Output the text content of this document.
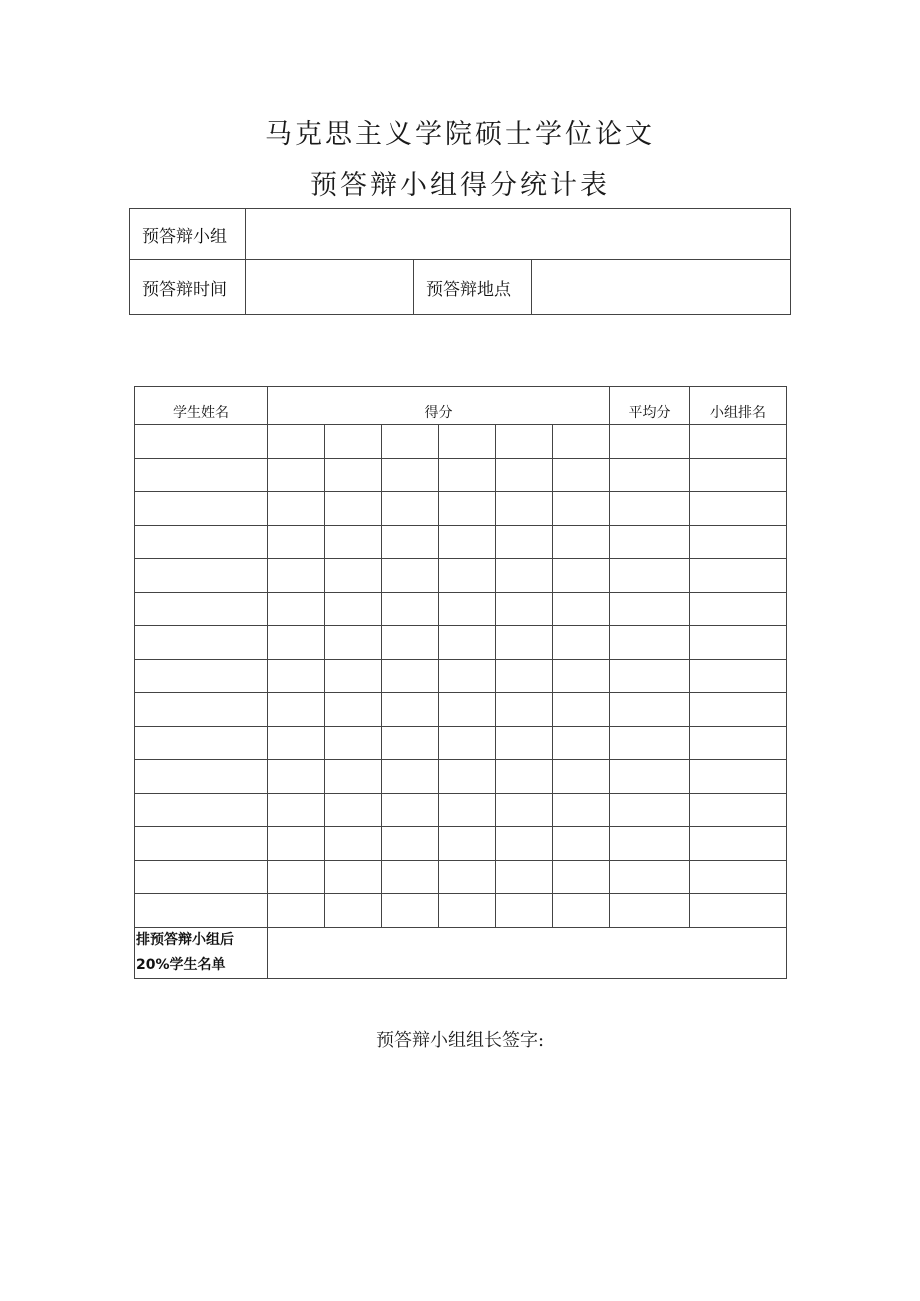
马克思主义学院硕士学位论文
预答辩小组得分统计表
预答辩小组			
预答辩时间		预答辩地点	
学生姓名	得分						平均分	小组排名

排预答辩小组后
20%学生名单								

预答辩小组组长签字:
